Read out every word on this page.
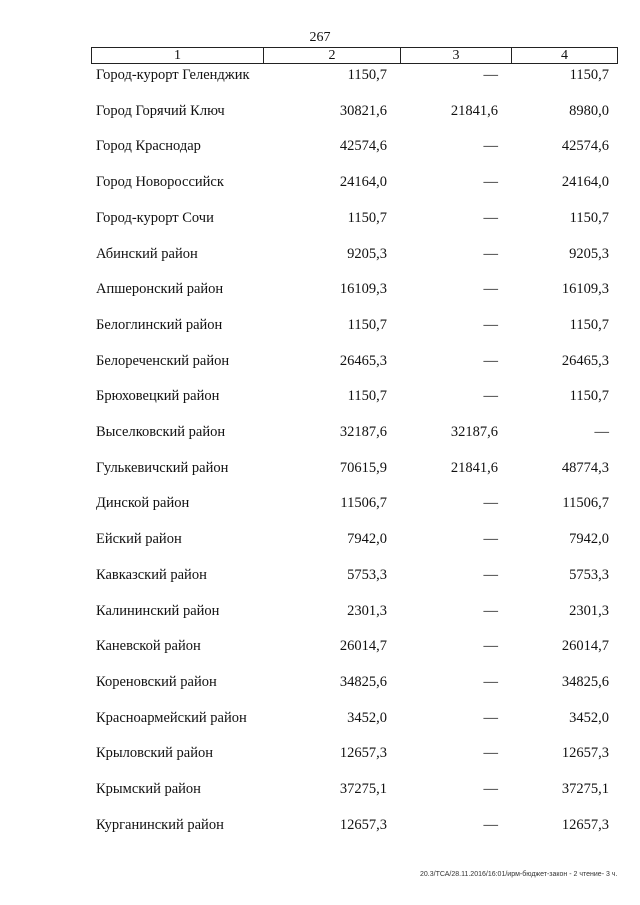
267
1	2	3	4
Город-курорт Геленджик	1150,7	—	1150,7
Город Горячий Ключ	30821,6	21841,6	8980,0
Город Краснодар	42574,6	—	42574,6
Город Новороссийск	24164,0	—	24164,0
Город-курорт Сочи	1150,7	—	1150,7
Абинский район	9205,3	—	9205,3
Апшеронский район	16109,3	—	16109,3
Белоглинский район	1150,7	—	1150,7
Белореченский район	26465,3	—	26465,3
Брюховецкий район	1150,7	—	1150,7
Выселковский район	32187,6	32187,6	—
Гулькевичский район	70615,9	21841,6	48774,3
Динской район	11506,7	—	11506,7
Ейский район	7942,0	—	7942,0
Кавказский район	5753,3	—	5753,3
Калининский район	2301,3	—	2301,3
Каневской район	26014,7	—	26014,7
Кореновский район	34825,6	—	34825,6
Красноармейский район	3452,0	—	3452,0
Крыловский район	12657,3	—	12657,3
Крымский район	37275,1	—	37275,1
Курганинский район	12657,3	—	12657,3
20.3/ТСА/28.11.2016/16:01/ирм-бюджет-закон - 2 чтение- 3 ч.
